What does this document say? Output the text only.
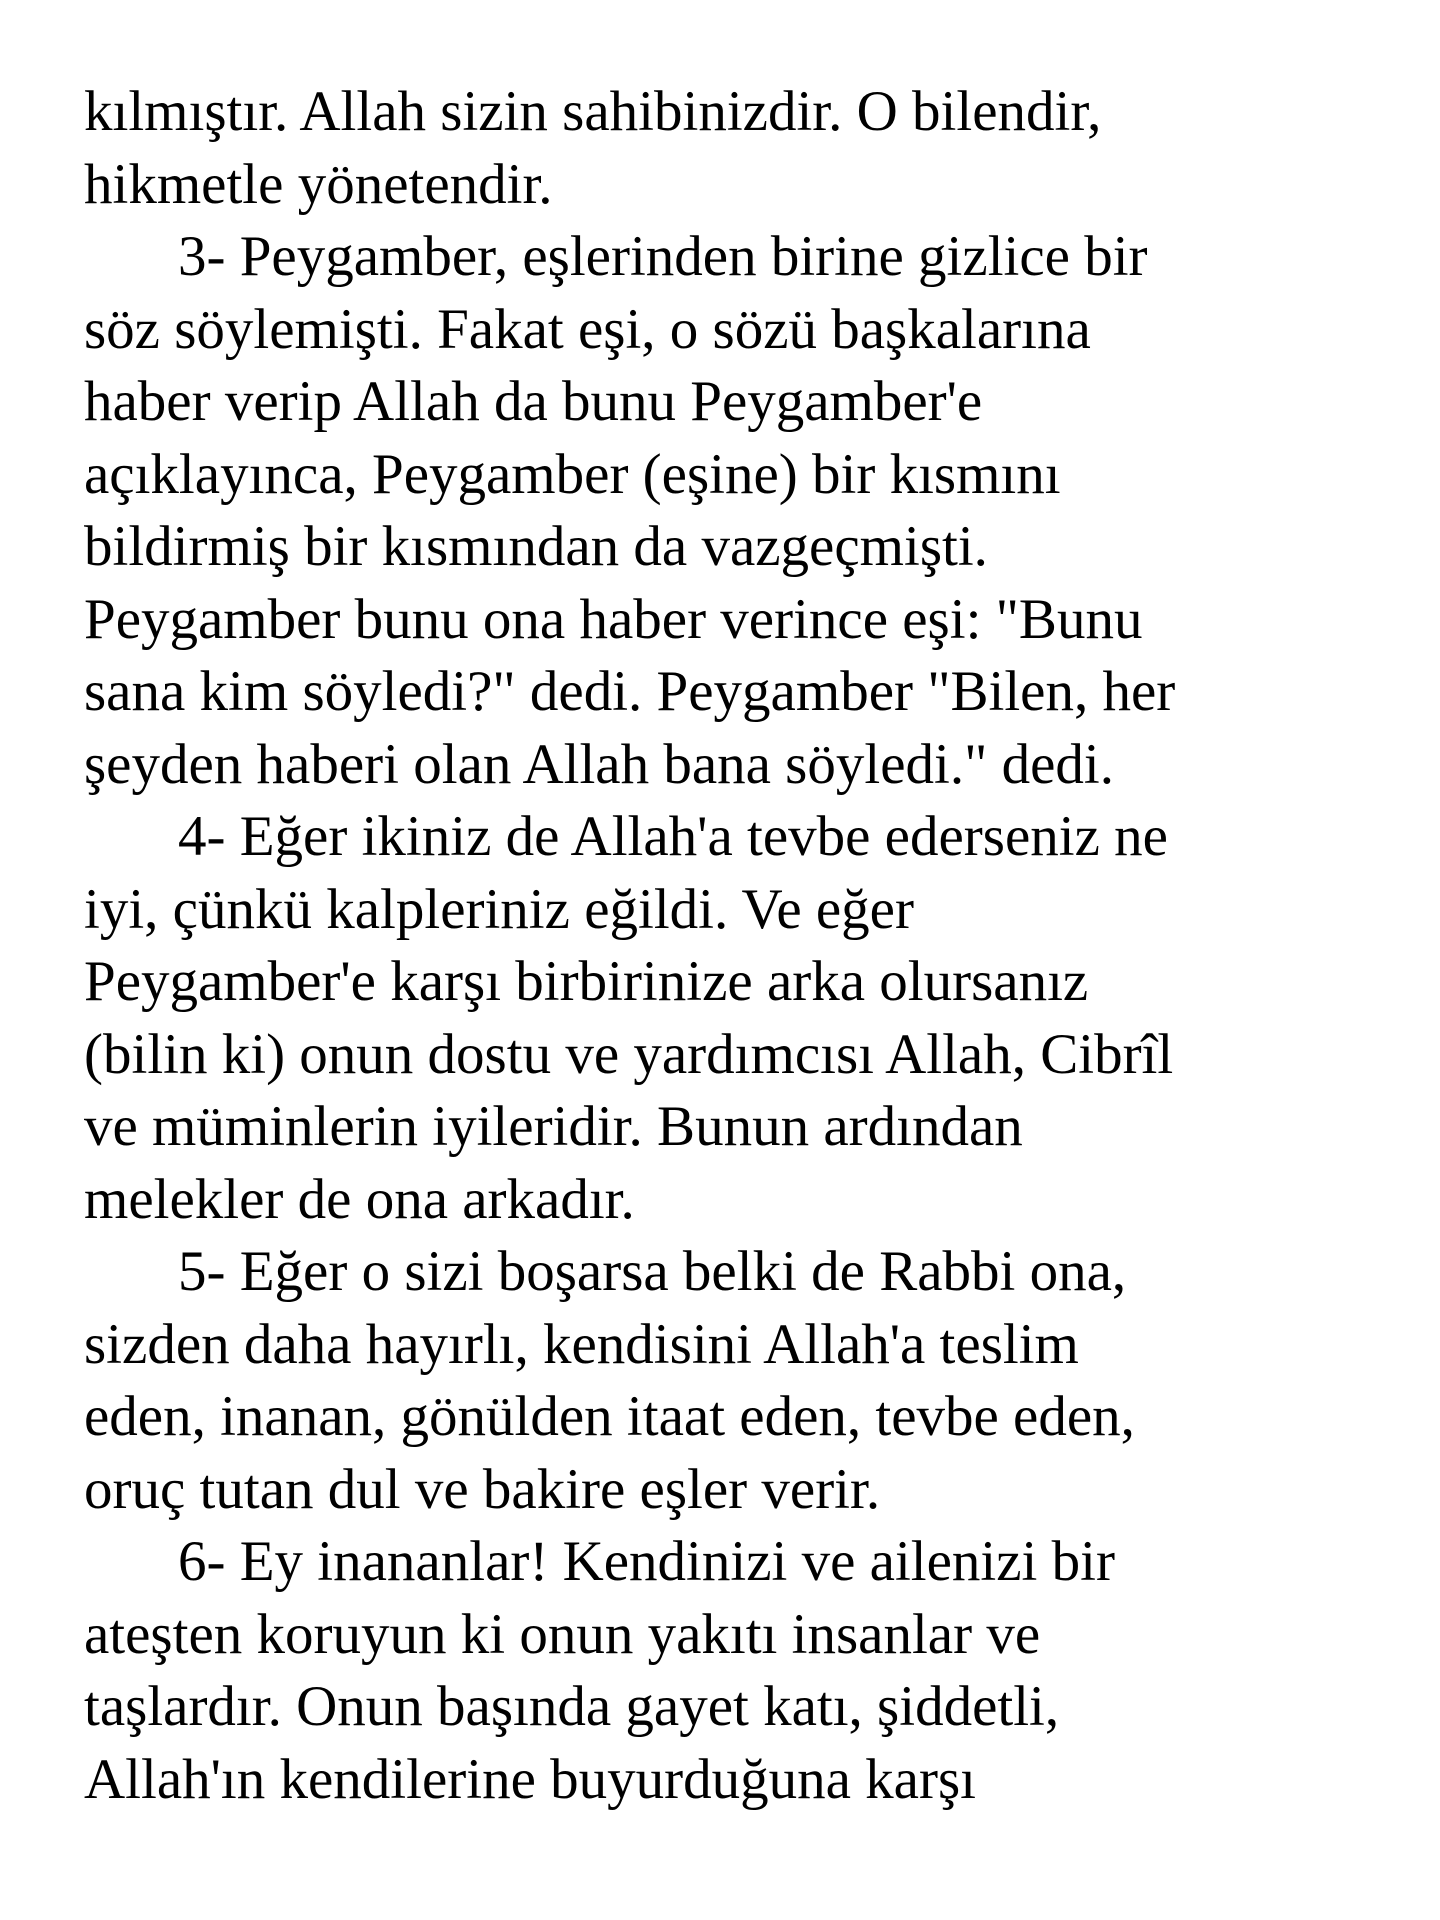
kılmıştır. Allah sizin sahibinizdir. O bilendir,
hikmetle yönetendir.
3- Peygamber, eşlerinden birine gizlice bir
söz söylemişti. Fakat eşi, o sözü başkalarına
haber verip Allah da bunu Peygamber'e
açıklayınca, Peygamber (eşine) bir kısmını
bildirmiş bir kısmından da vazgeçmişti.
Peygamber bunu ona haber verince eşi: "Bunu
sana kim söyledi?" dedi. Peygamber "Bilen, her
şeyden haberi olan Allah bana söyledi." dedi.
4- Eğer ikiniz de Allah'a tevbe ederseniz ne
iyi, çünkü kalpleriniz eğildi. Ve eğer
Peygamber'e karşı birbirinize arka olursanız
(bilin ki) onun dostu ve yardımcısı Allah, Cibrîl
ve müminlerin iyileridir. Bunun ardından
melekler de ona arkadır.
5- Eğer o sizi boşarsa belki de Rabbi ona,
sizden daha hayırlı, kendisini Allah'a teslim
eden, inanan, gönülden itaat eden, tevbe eden,
oruç tutan dul ve bakire eşler verir.
6- Ey inananlar! Kendinizi ve ailenizi bir
ateşten koruyun ki onun yakıtı insanlar ve
taşlardır. Onun başında gayet katı, şiddetli,
Allah'ın kendilerine buyurduğuna karşı
